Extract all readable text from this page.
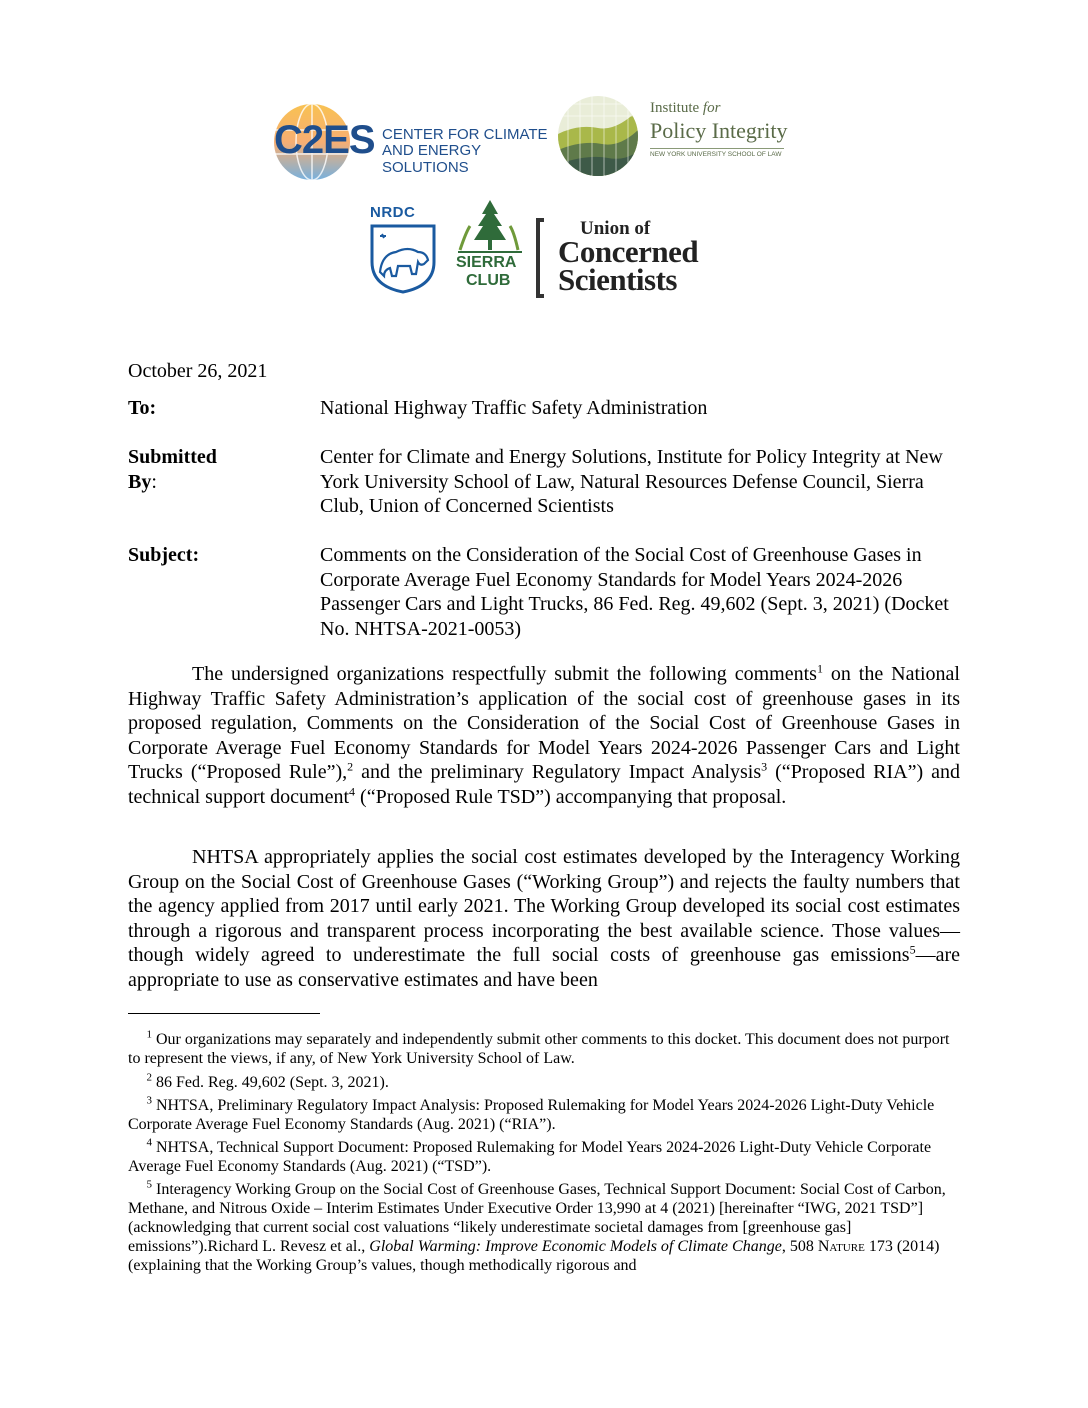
C2ES CENTER FOR CLIMATE
AND ENERGY SOLUTIONS
Institute for
Policy Integrity
NEW YORK UNIVERSITY SCHOOL OF LAW
NRDC
SIERRA
CLUB
Union of
Concerned
Scientists
October 26, 2021
To:	National Highway Traffic Safety Administration
Submitted By:
Center for Climate and Energy Solutions, Institute for Policy Integrity at New York University School of Law, Natural Resources Defense Council, Sierra Club, Union of Concerned Scientists
Subject:	Comments on the Consideration of the Social Cost of Greenhouse Gases in Corporate Average Fuel Economy Standards for Model Years 2024-2026 Passenger Cars and Light Trucks, 86 Fed. Reg. 49,602 (Sept. 3, 2021) (Docket No. NHTSA-2021-0053)
The undersigned organizations respectfully submit the following comments$^1$ on the National Highway Traffic Safety Administration’s application of the social cost of greenhouse gases in its proposed regulation, Comments on the Consideration of the Social Cost of Greenhouse Gases in Corporate Average Fuel Economy Standards for Model Years 2024-2026 Passenger Cars and Light Trucks (“Proposed Rule”),$^2$ and the preliminary Regulatory Impact Analysis$^3$ (“Proposed RIA”) and technical support document$^4$ (“Proposed Rule TSD”) accompanying that proposal.
NHTSA appropriately applies the social cost estimates developed by the Interagency Working Group on the Social Cost of Greenhouse Gases (“Working Group”) and rejects the faulty numbers that the agency applied from 2017 until early 2021. The Working Group developed its social cost estimates through a rigorous and transparent process incorporating the best available science. Those values—though widely agreed to underestimate the full social costs of greenhouse gas emissions$^5$—are appropriate to use as conservative estimates and have been
$^1$ Our organizations may separately and independently submit other comments to this docket. This document does not purport to represent the views, if any, of New York University School of Law.
$^2$ 86 Fed. Reg. 49,602 (Sept. 3, 2021).
$^3$ NHTSA, Preliminary Regulatory Impact Analysis: Proposed Rulemaking for Model Years 2024-2026 Light-Duty Vehicle Corporate Average Fuel Economy Standards (Aug. 2021) (“RIA”).
$^4$ NHTSA, Technical Support Document: Proposed Rulemaking for Model Years 2024-2026 Light-Duty Vehicle Corporate Average Fuel Economy Standards (Aug. 2021) (“TSD”).
$^5$ Interagency Working Group on the Social Cost of Greenhouse Gases, Technical Support Document: Social Cost of Carbon, Methane, and Nitrous Oxide – Interim Estimates Under Executive Order 13,990 at 4 (2021) [hereinafter “IWG, 2021 TSD”] (acknowledging that current social cost valuations “likely underestimate societal damages from [greenhouse gas] emissions”).Richard L. Revesz et al., Global Warming: Improve Economic Models of Climate Change, 508 Nature 173 (2014) (explaining that the Working Group’s values, though methodically rigorous and
